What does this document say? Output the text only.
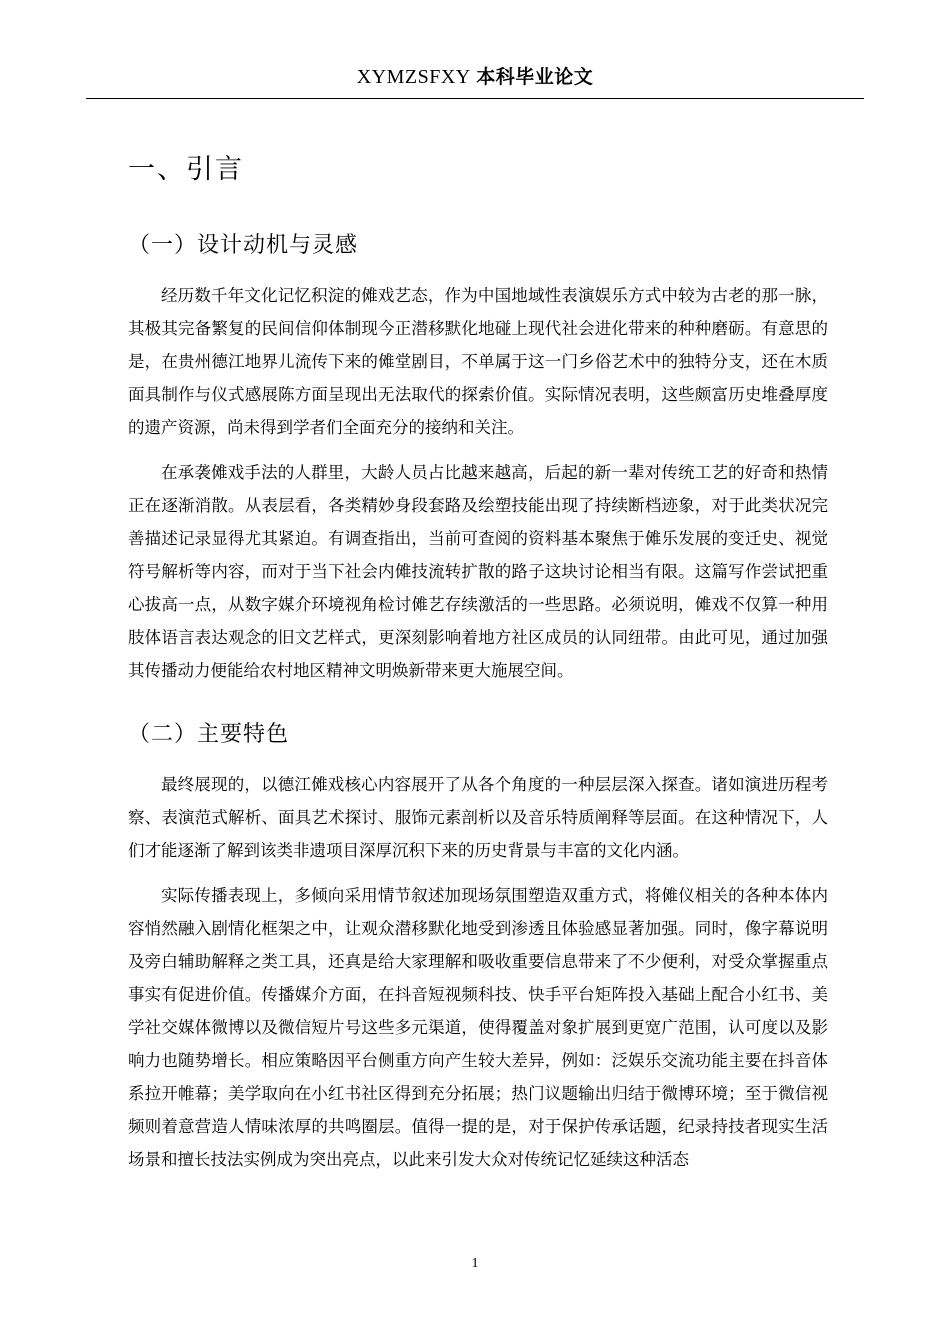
XYMZSFXY 本科毕业论文
一、引言
（一）设计动机与灵感

经历数千年文化记忆积淀的傩戏艺态，作为中国地域性表演娱乐方式中较为古老的那一脉，其极其完备繁复的民间信仰体制现今正潜移默化地碰上现代社会进化带来的种种磨砺。有意思的是，在贵州德江地界儿流传下来的傩堂剧目，不单属于这一门乡俗艺术中的独特分支，还在木质面具制作与仪式感展陈方面呈现出无法取代的探索价值。实际情况表明，这些颇富历史堆叠厚度的遗产资源，尚未得到学者们全面充分的接纳和关注。

在承袭傩戏手法的人群里，大龄人员占比越来越高，后起的新一辈对传统工艺的好奇和热情正在逐渐消散。从表层看，各类精妙身段套路及绘塑技能出现了持续断档迹象，对于此类状况完善描述记录显得尤其紧迫。有调查指出，当前可查阅的资料基本聚焦于傩乐发展的变迁史、视觉符号解析等内容，而对于当下社会内傩技流转扩散的路子这块讨论相当有限。这篇写作尝试把重心拔高一点，从数字媒介环境视角检讨傩艺存续激活的一些思路。必须说明，傩戏不仅算一种用肢体语言表达观念的旧文艺样式，更深刻影响着地方社区成员的认同纽带。由此可见，通过加强其传播动力便能给农村地区精神文明焕新带来更大施展空间。

（二）主要特色

最终展现的，以德江傩戏核心内容展开了从各个角度的一种层层深入探查。诸如演进历程考察、表演范式解析、面具艺术探讨、服饰元素剖析以及音乐特质阐释等层面。在这种情况下，人们才能逐渐了解到该类非遗项目深厚沉积下来的历史背景与丰富的文化内涵。

实际传播表现上，多倾向采用情节叙述加现场氛围塑造双重方式，将傩仪相关的各种本体内容悄然融入剧情化框架之中，让观众潜移默化地受到渗透且体验感显著加强。同时，像字幕说明及旁白辅助解释之类工具，还真是给大家理解和吸收重要信息带来了不少便利，对受众掌握重点事实有促进价值。传播媒介方面，在抖音短视频科技、快手平台矩阵投入基础上配合小红书、美学社交媒体微博以及微信短片号这些多元渠道，使得覆盖对象扩展到更宽广范围，认可度以及影响力也随势增长。相应策略因平台侧重方向产生较大差异，例如：泛娱乐交流功能主要在抖音体系拉开帷幕；美学取向在小红书社区得到充分拓展；热门议题输出归结于微博环境；至于微信视频则着意营造人情味浓厚的共鸣圈层。值得一提的是，对于保护传承话题，纪录持技者现实生活场景和擅长技法实例成为突出亮点，以此来引发大众对传统记忆延续这种活态

1
